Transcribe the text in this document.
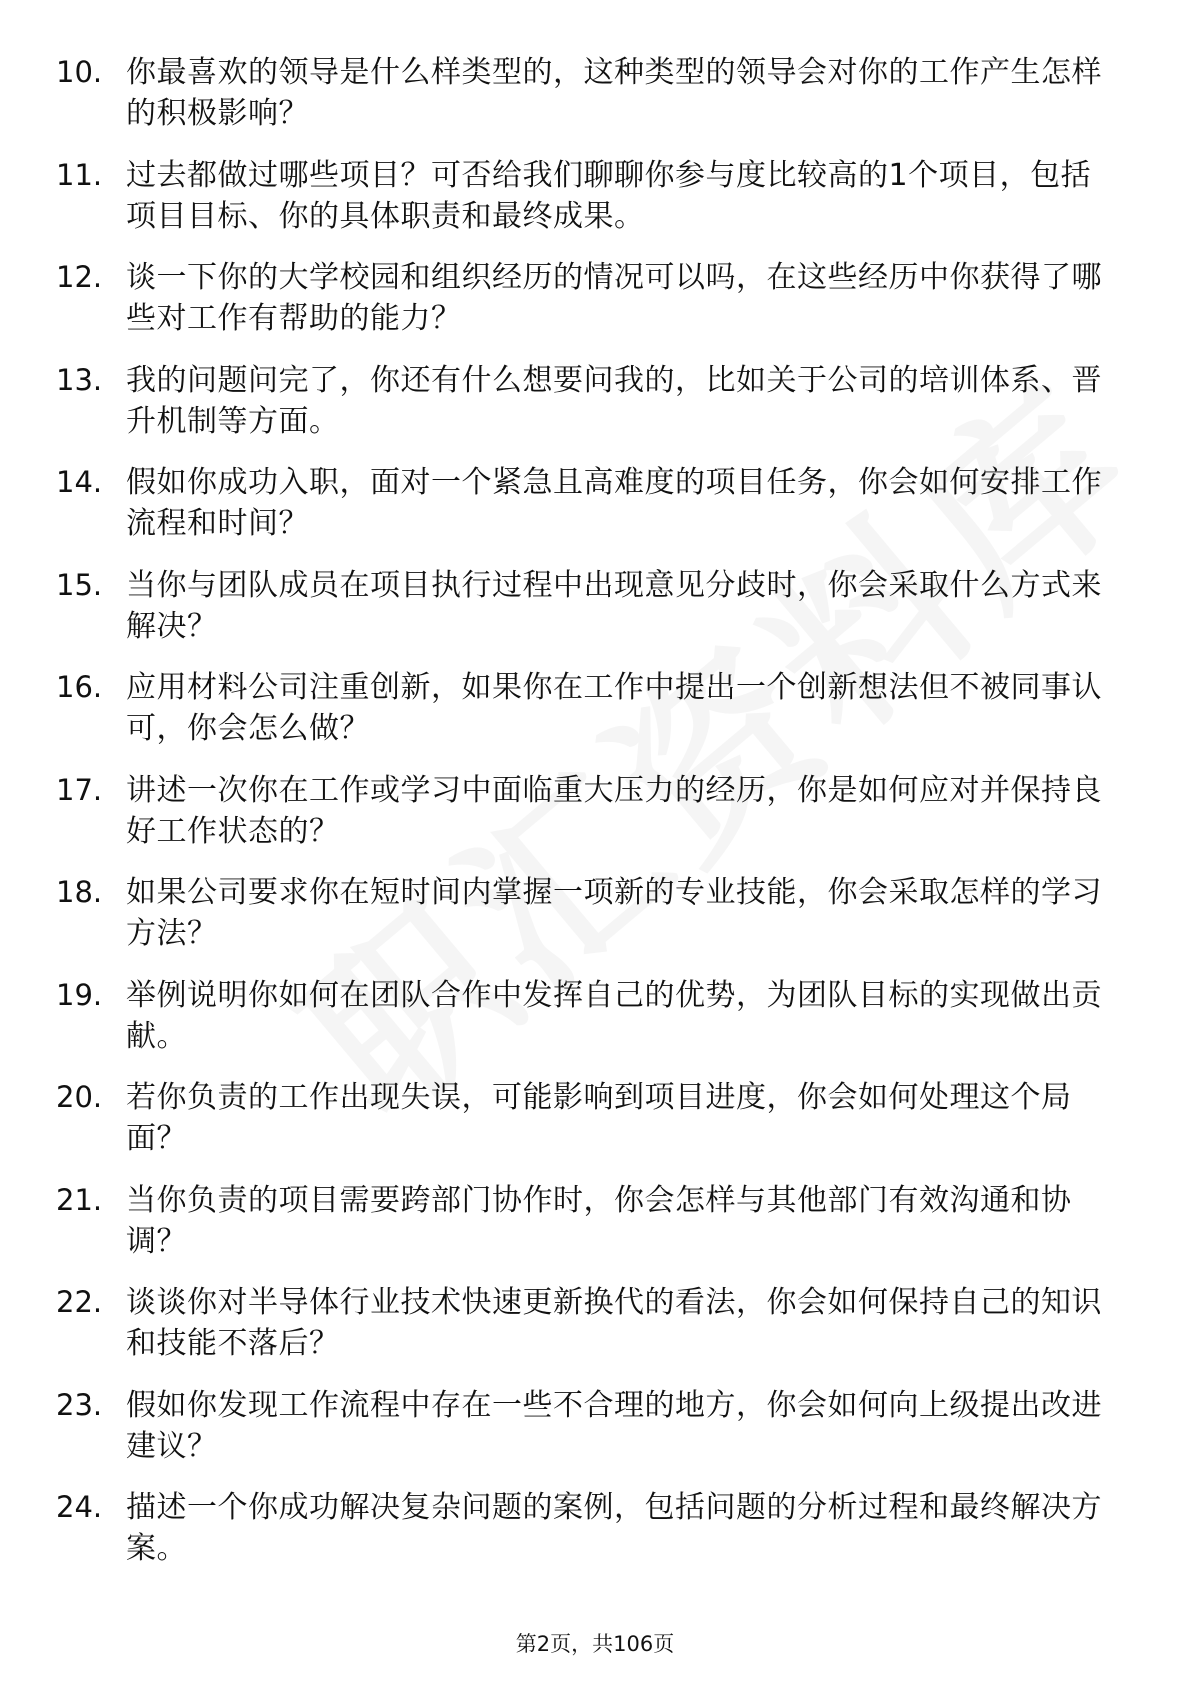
10. 你最喜欢的领导是什么样类型的，这种类型的领导会对你的工作产生怎样的积极影响？
11. 过去都做过哪些项目？可否给我们聊聊你参与度比较高的1个项目，包括项目目标、你的具体职责和最终成果。
12. 谈一下你的大学校园和组织经历的情况可以吗，在这些经历中你获得了哪些对工作有帮助的能力？
13. 我的问题问完了，你还有什么想要问我的，比如关于公司的培训体系、晋升机制等方面。
14. 假如你成功入职，面对一个紧急且高难度的项目任务，你会如何安排工作流程和时间？
15. 当你与团队成员在项目执行过程中出现意见分歧时，你会采取什么方式来解决？
16. 应用材料公司注重创新，如果你在工作中提出一个创新想法但不被同事认可，你会怎么做？
17. 讲述一次你在工作或学习中面临重大压力的经历，你是如何应对并保持良好工作状态的？
18. 如果公司要求你在短时间内掌握一项新的专业技能，你会采取怎样的学习方法？
19. 举例说明你如何在团队合作中发挥自己的优势，为团队目标的实现做出贡献。
20. 若你负责的工作出现失误，可能影响到项目进度，你会如何处理这个局面？
21. 当你负责的项目需要跨部门协作时，你会怎样与其他部门有效沟通和协调？
22. 谈谈你对半导体行业技术快速更新换代的看法，你会如何保持自己的知识和技能不落后？
23. 假如你发现工作流程中存在一些不合理的地方，你会如何向上级提出改进建议？
24. 描述一个你成功解决复杂问题的案例，包括问题的分析过程和最终解决方案。
第2页，共106页
